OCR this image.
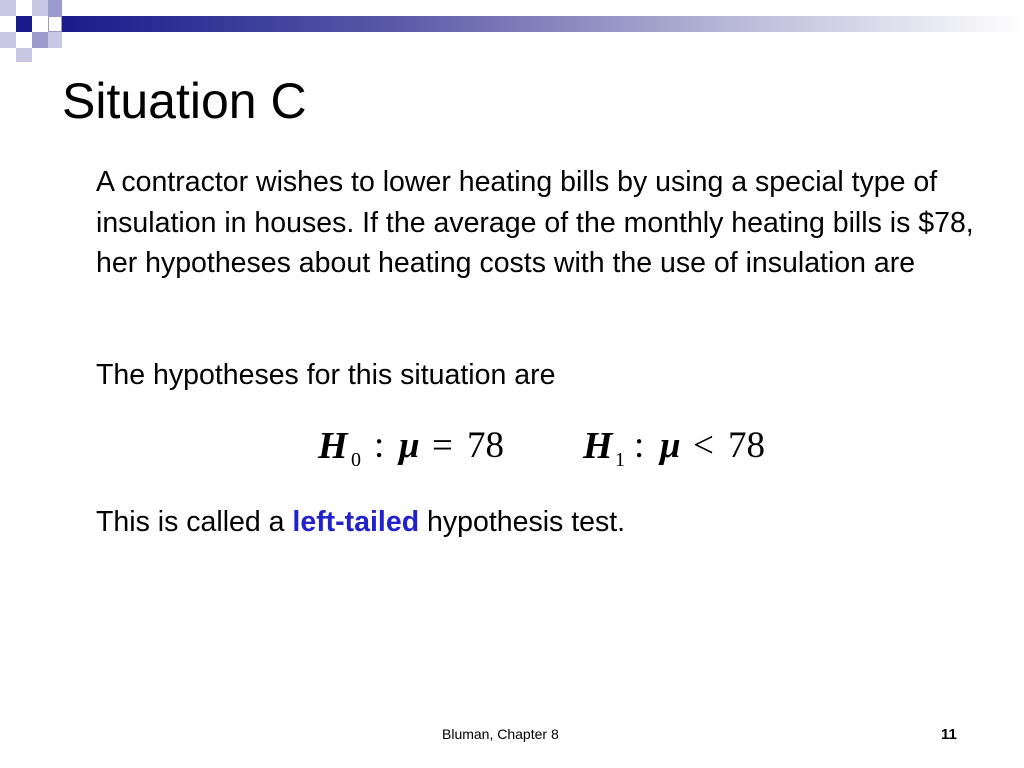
Situation C

A contractor wishes to lower heating bills by using a special type of insulation in houses. If the average of the monthly heating bills is $78, her hypotheses about heating costs with the use of insulation are

The hypotheses for this situation are

H 0 : μ = 78 H 1 : μ < 78

This is called a left-tailed hypothesis test.

Bluman, Chapter 8	11
